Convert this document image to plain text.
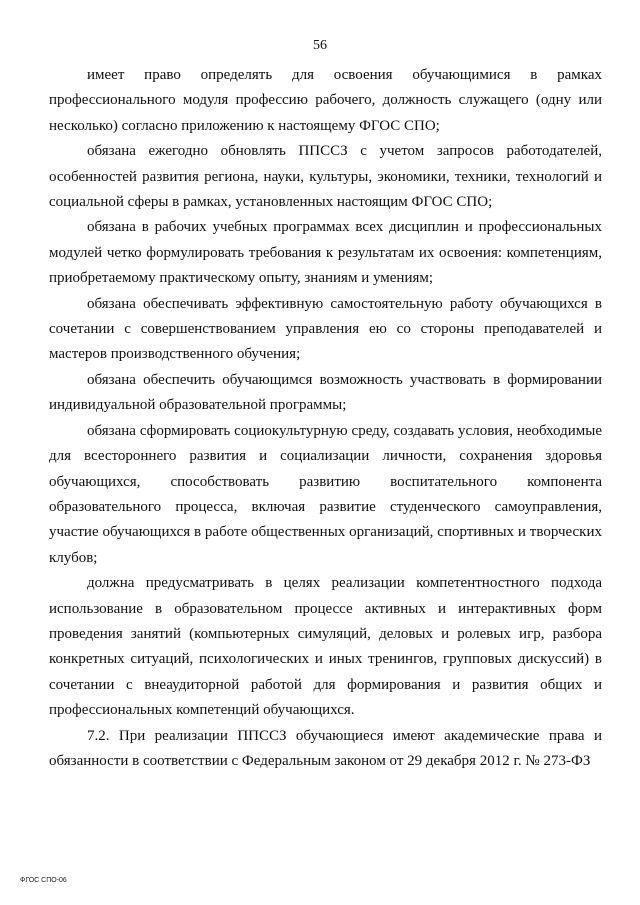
56

имеет право определять для освоения обучающимися в рамках профессионального модуля профессию рабочего, должность служащего (одну или несколько) согласно приложению к настоящему ФГОС СПО;

обязана ежегодно обновлять ППССЗ с учетом запросов работодателей, особенностей развития региона, науки, культуры, экономики, техники, технологий и социальной сферы в рамках, установленных настоящим ФГОС СПО;

обязана в рабочих учебных программах всех дисциплин и профессиональных модулей четко формулировать требования к результатам их освоения: компетенциям, приобретаемому практическому опыту, знаниям и умениям;

обязана обеспечивать эффективную самостоятельную работу обучающихся в сочетании с совершенствованием управления ею со стороны преподавателей и мастеров производственного обучения;

обязана обеспечить обучающимся возможность участвовать в формировании индивидуальной образовательной программы;

обязана сформировать социокультурную среду, создавать условия, необходимые для всестороннего развития и социализации личности, сохранения здоровья обучающихся, способствовать развитию воспитательного компонента образовательного процесса, включая развитие студенческого самоуправления, участие обучающихся в работе общественных организаций, спортивных и творческих клубов;

должна предусматривать в целях реализации компетентностного подхода использование в образовательном процессе активных и интерактивных форм проведения занятий (компьютерных симуляций, деловых и ролевых игр, разбора конкретных ситуаций, психологических и иных тренингов, групповых дискуссий) в сочетании с внеаудиторной работой для формирования и развития общих и профессиональных компетенций обучающихся.

7.2. При реализации ППССЗ обучающиеся имеют академические права и обязанности в соответствии с Федеральным законом от 29 декабря 2012 г. № 273-ФЗ

ФГОС СПО-06
